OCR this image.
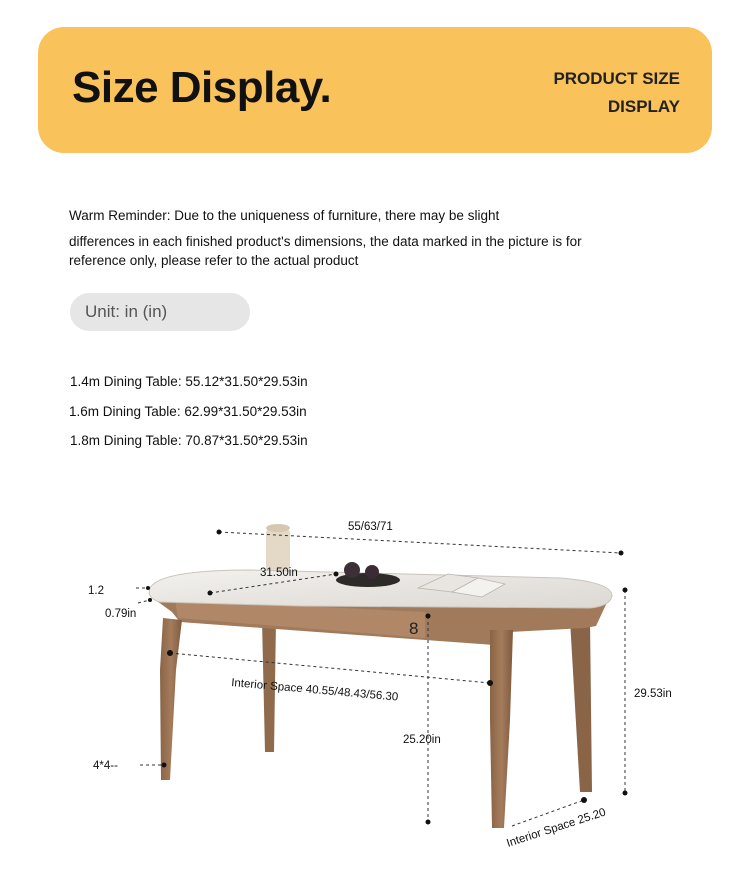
Size Display.	PRODUCT SIZE
DISPLAY

Warm Reminder: Due to the uniqueness of furniture, there may be slight

differences in each finished product's dimensions, the data marked in the picture is for

reference only, please refer to the actual product

Unit: in (in)
1.4m Dining Table: 55.12*31.50*29.53in
1.6m Dining Table: 62.99*31.50*29.53in
1.8m Dining Table: 70.87*31.50*29.53in
55/63/71
31.50in
1.2
0.79in
4*4--
Interior Space 40.55/48.43/56.30
25.20in
29.53in
Interior Space 25.20
8
